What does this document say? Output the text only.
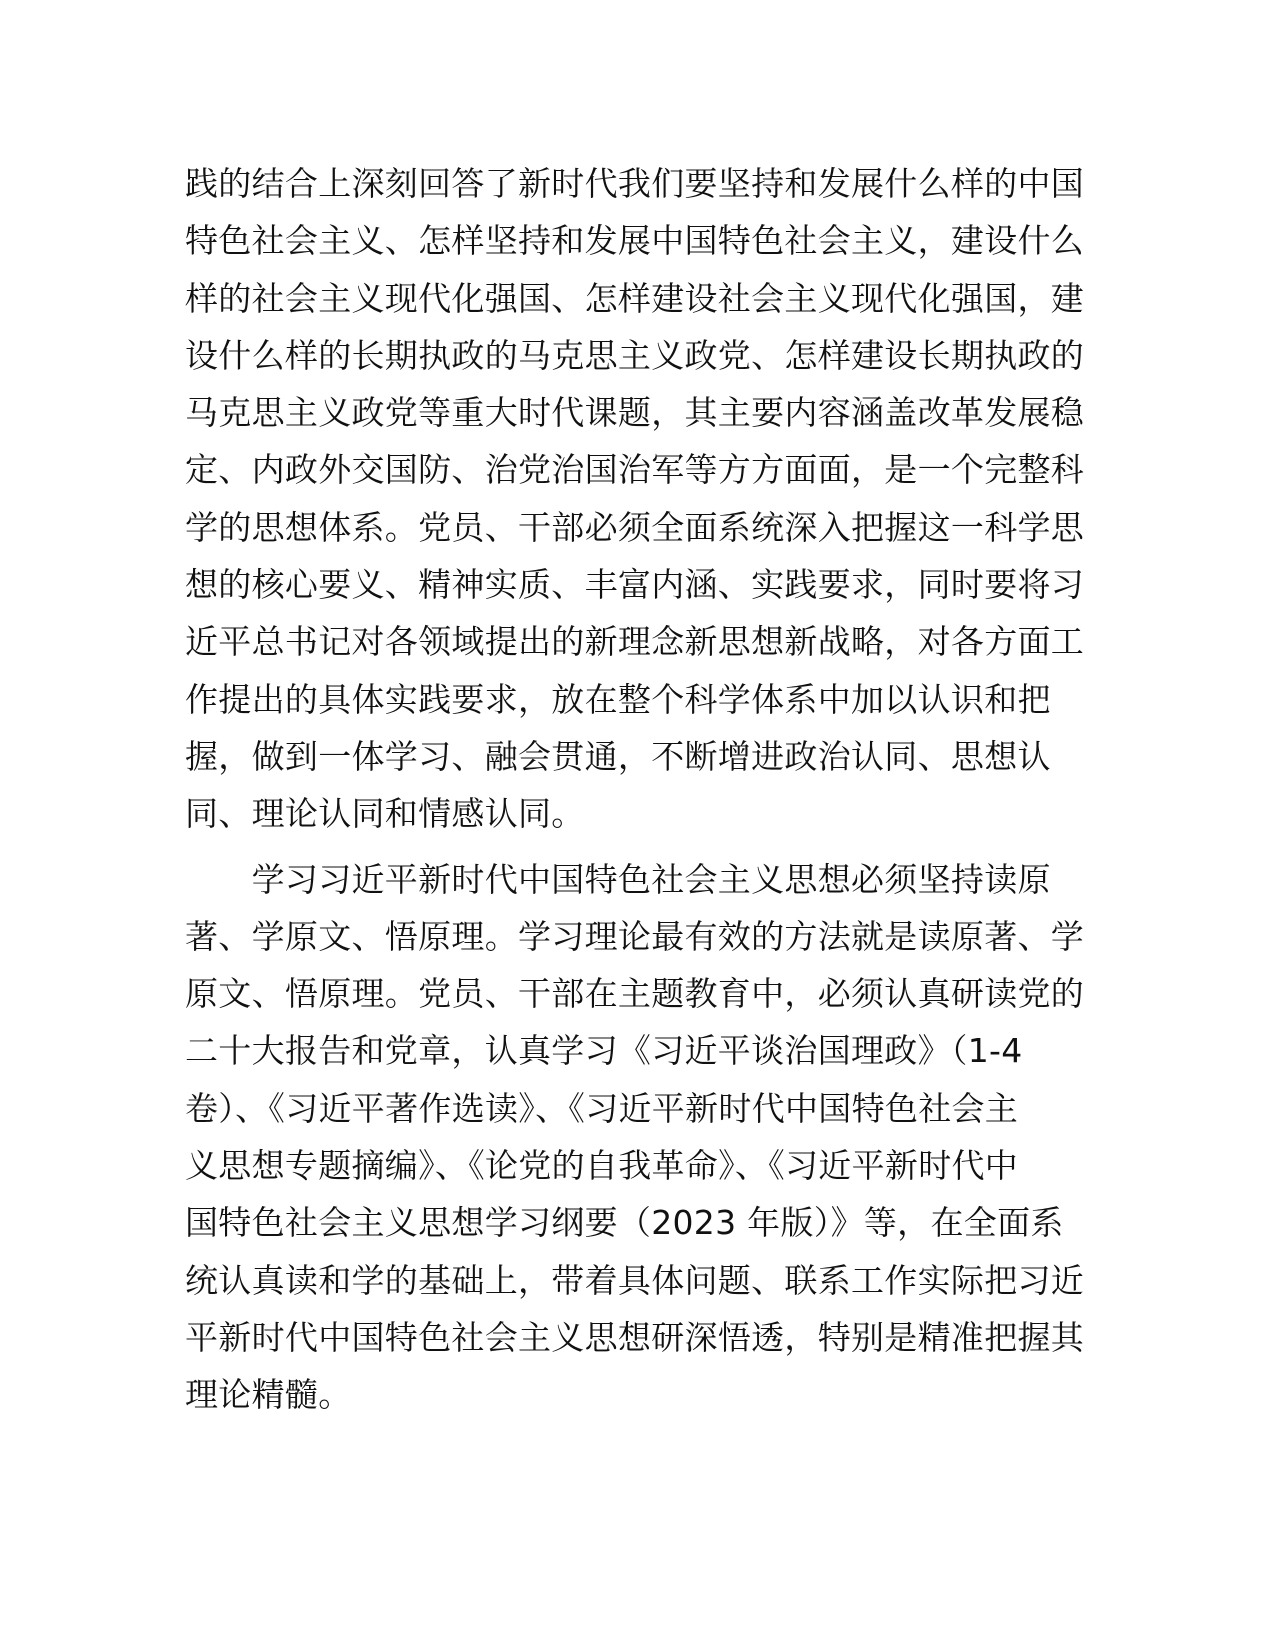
践的结合上深刻回答了新时代我们要坚持和发展什么样的中国
特色社会主义、怎样坚持和发展中国特色社会主义，建设什么
样的社会主义现代化强国、怎样建设社会主义现代化强国，建
设什么样的长期执政的马克思主义政党、怎样建设长期执政的
马克思主义政党等重大时代课题，其主要内容涵盖改革发展稳
定、内政外交国防、治党治国治军等方方面面，是一个完整科
学的思想体系。党员、干部必须全面系统深入把握这一科学思
想的核心要义、精神实质、丰富内涵、实践要求，同时要将习
近平总书记对各领域提出的新理念新思想新战略，对各方面工
作提出的具体实践要求，放在整个科学体系中加以认识和把
握，做到一体学习、融会贯通，不断增进政治认同、思想认
同、理论认同和情感认同。
　　学习习近平新时代中国特色社会主义思想必须坚持读原
著、学原文、悟原理。学习理论最有效的方法就是读原著、学
原文、悟原理。党员、干部在主题教育中，必须认真研读党的
二十大报告和党章，认真学习《习近平谈治国理政》（1-4
卷）、《习近平著作选读》、《习近平新时代中国特色社会主
义思想专题摘编》、《论党的自我革命》、《习近平新时代中
国特色社会主义思想学习纲要（2023 年版）》等，在全面系
统认真读和学的基础上，带着具体问题、联系工作实际把习近
平新时代中国特色社会主义思想研深悟透，特别是精准把握其
理论精髓。
